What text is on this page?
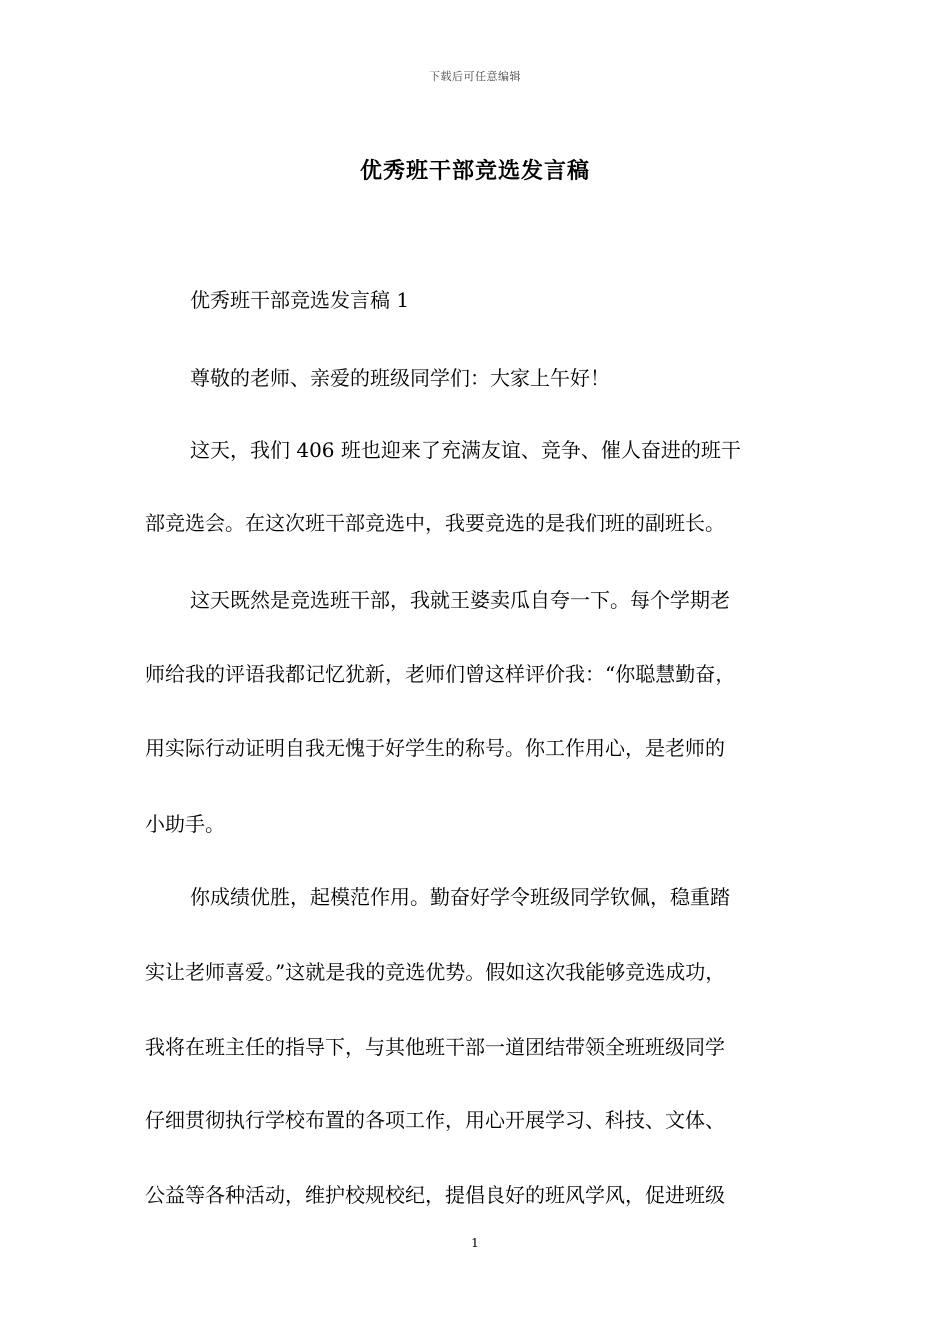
下载后可任意编辑
优秀班干部竞选发言稿
优秀班干部竞选发言稿 1
尊敬的老师、亲爱的班级同学们：大家上午好！
这天，我们 406 班也迎来了充满友谊、竞争、催人奋进的班干
部竞选会。在这次班干部竞选中，我要竞选的是我们班的副班长。
这天既然是竞选班干部，我就王婆卖瓜自夸一下。每个学期老
师给我的评语我都记忆犹新，老师们曾这样评价我：“你聪慧勤奋，
用实际行动证明自我无愧于好学生的称号。你工作用心，是老师的
小助手。
你成绩优胜，起模范作用。勤奋好学令班级同学钦佩，稳重踏
实让老师喜爱。”这就是我的竞选优势。假如这次我能够竞选成功，
我将在班主任的指导下，与其他班干部一道团结带领全班班级同学
仔细贯彻执行学校布置的各项工作，用心开展学习、科技、文体、
公益等各种活动，维护校规校纪，提倡良好的班风学风，促进班级
1
